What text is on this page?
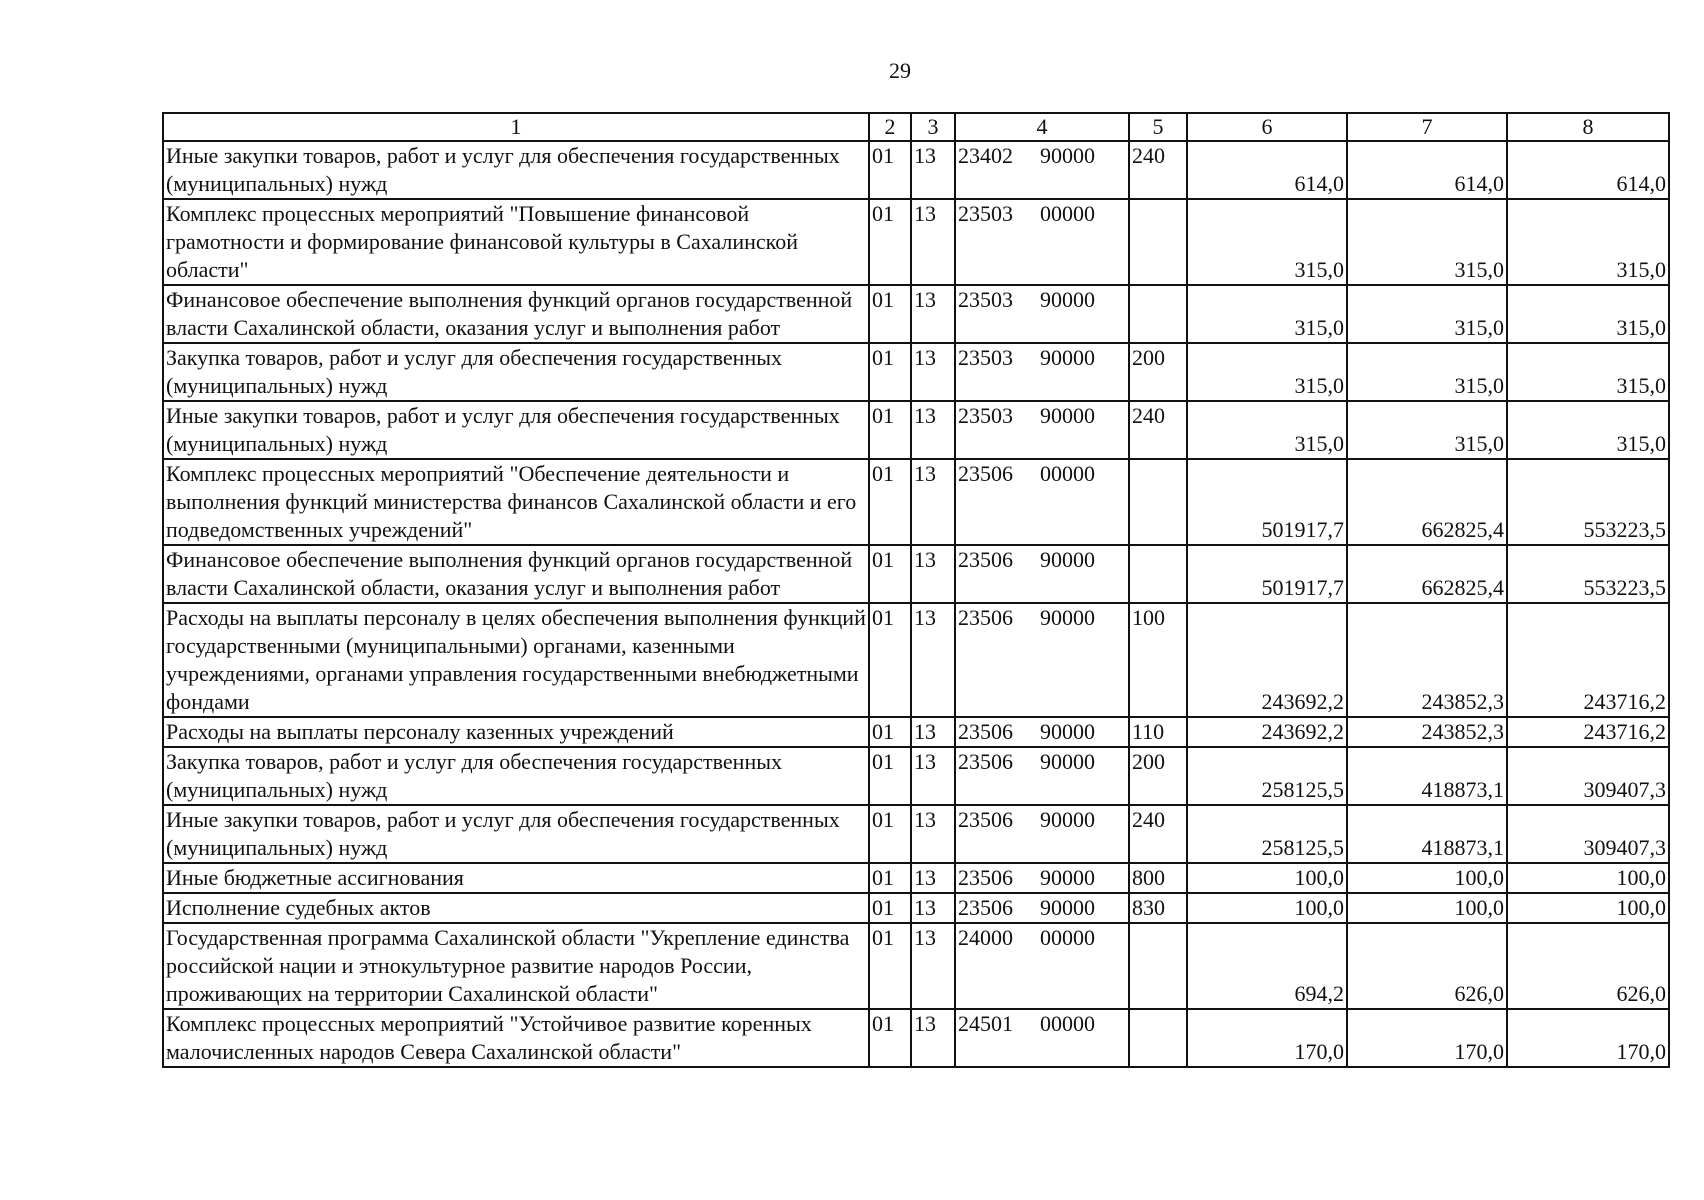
29
1	2	3	4	5	6	7	8
Иные закупки товаров, работ и услуг для обеспечения государственных (муниципальных) нужд	01	13	23402 90000	240	614,0	614,0	614,0
Комплекс процессных мероприятий "Повышение финансовой грамотности и формирование финансовой культуры в Сахалинской области"	01	13	23503 00000		315,0	315,0	315,0
Финансовое обеспечение выполнения функций органов государственной власти Сахалинской области, оказания услуг и выполнения работ	01	13	23503 90000		315,0	315,0	315,0
Закупка товаров, работ и услуг для обеспечения государственных (муниципальных) нужд	01	13	23503 90000	200	315,0	315,0	315,0
Иные закупки товаров, работ и услуг для обеспечения государственных (муниципальных) нужд	01	13	23503 90000	240	315,0	315,0	315,0
Комплекс процессных мероприятий "Обеспечение деятельности и выполнения функций министерства финансов Сахалинской области и его подведомственных учреждений"	01	13	23506 00000		501917,7	662825,4	553223,5
Финансовое обеспечение выполнения функций органов государственной власти Сахалинской области, оказания услуг и выполнения работ	01	13	23506 90000		501917,7	662825,4	553223,5
Расходы на выплаты персоналу в целях обеспечения выполнения функций государственными (муниципальными) органами, казенными учреждениями, органами управления государственными внебюджетными фондами	01	13	23506 90000	100	243692,2	243852,3	243716,2
Расходы на выплаты персоналу казенных учреждений	01	13	23506 90000	110	243692,2	243852,3	243716,2
Закупка товаров, работ и услуг для обеспечения государственных (муниципальных) нужд	01	13	23506 90000	200	258125,5	418873,1	309407,3
Иные закупки товаров, работ и услуг для обеспечения государственных (муниципальных) нужд	01	13	23506 90000	240	258125,5	418873,1	309407,3
Иные бюджетные ассигнования	01	13	23506 90000	800	100,0	100,0	100,0
Исполнение судебных актов	01	13	23506 90000	830	100,0	100,0	100,0
Государственная программа Сахалинской области "Укрепление единства российской нации и этнокультурное развитие народов России, проживающих на территории Сахалинской области"	01	13	24000 00000		694,2	626,0	626,0
Комплекс процессных мероприятий "Устойчивое развитие коренных малочисленных народов Севера Сахалинской области"	01	13	24501 00000		170,0	170,0	170,0
